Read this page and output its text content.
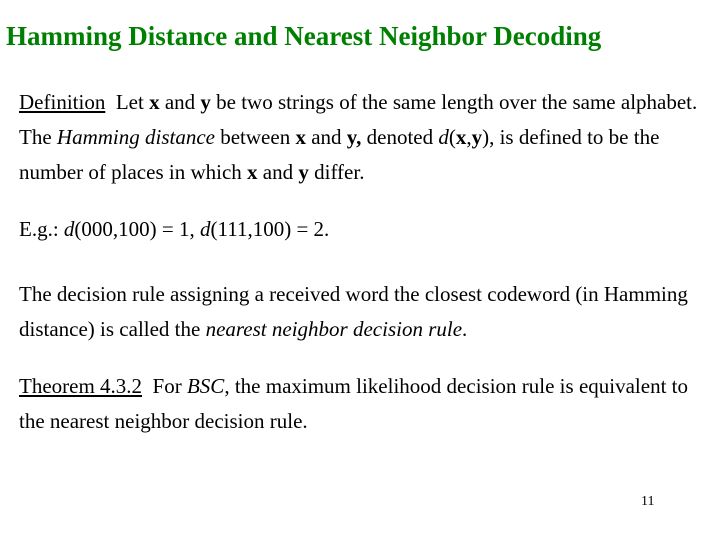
Hamming Distance and Nearest Neighbor Decoding

Definition  Let x and y be two strings of the same length over the same alphabet. The Hamming distance between x and y, denoted d(x,y), is defined to be the number of places in which x and y differ.

E.g.: d(000,100) = 1, d(111,100) = 2.

The decision rule assigning a received word the closest codeword (in Hamming distance) is called the nearest neighbor decision rule.

Theorem 4.3.2  For BSC, the maximum likelihood decision rule is equivalent to the nearest neighbor decision rule.

11
